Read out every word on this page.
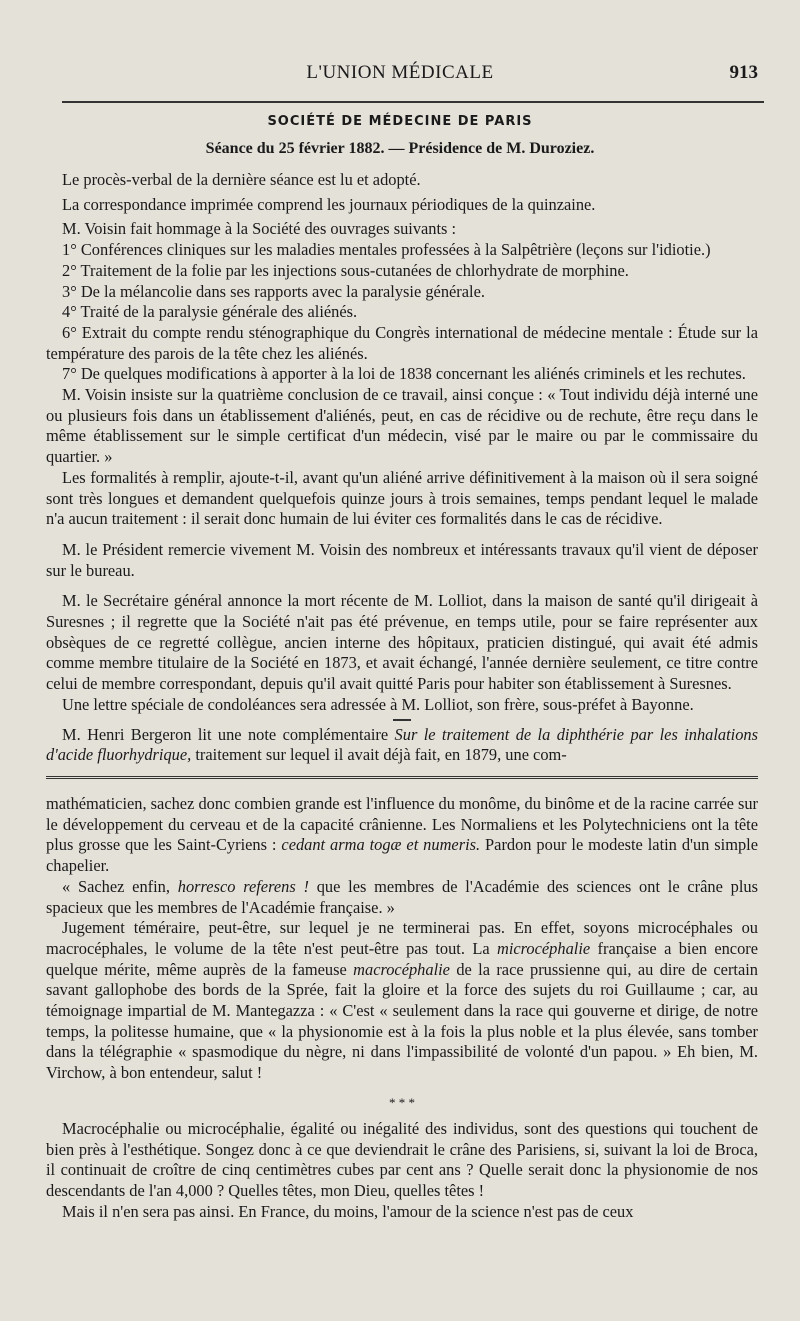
L'UNION MÉDICALE	913
SOCIÉTÉ DE MÉDECINE DE PARIS
Séance du 25 février 1882. — Présidence de M. Duroziez.

Le procès-verbal de la dernière séance est lu et adopté.

La correspondance imprimée comprend les journaux périodiques de la quinzaine.

M. Voisin fait hommage à la Société des ouvrages suivants :

1° Conférences cliniques sur les maladies mentales professées à la Salpêtrière (leçons sur l'idiotie.)

2° Traitement de la folie par les injections sous-cutanées de chlorhydrate de morphine.

3° De la mélancolie dans ses rapports avec la paralysie générale.

4° Traité de la paralysie générale des aliénés.

6° Extrait du compte rendu sténographique du Congrès international de médecine mentale : Étude sur la température des parois de la tête chez les aliénés.

7° De quelques modifications à apporter à la loi de 1838 concernant les aliénés criminels et les rechutes.

M. Voisin insiste sur la quatrième conclusion de ce travail, ainsi conçue : « Tout individu déjà interné une ou plusieurs fois dans un établissement d'aliénés, peut, en cas de récidive ou de rechute, être reçu dans le même établissement sur le simple certificat d'un médecin, visé par le maire ou par le commissaire du quartier. »

Les formalités à remplir, ajoute-t-il, avant qu'un aliéné arrive définitivement à la maison où il sera soigné sont très longues et demandent quelquefois quinze jours à trois semaines, temps pendant lequel le malade n'a aucun traitement : il serait donc humain de lui éviter ces formalités dans le cas de récidive.

M. le Président remercie vivement M. Voisin des nombreux et intéressants travaux qu'il vient de déposer sur le bureau.

M. le Secrétaire général annonce la mort récente de M. Lolliot, dans la maison de santé qu'il dirigeait à Suresnes ; il regrette que la Société n'ait pas été prévenue, en temps utile, pour se faire représenter aux obsèques de ce regretté collègue, ancien interne des hôpitaux, praticien distingué, qui avait été admis comme membre titulaire de la Société en 1873, et avait échangé, l'année dernière seulement, ce titre contre celui de membre correspondant, depuis qu'il avait quitté Paris pour habiter son établissement à Suresnes.

Une lettre spéciale de condoléances sera adressée à M. Lolliot, son frère, sous-préfet à Bayonne.

M. Henri Bergeron lit une note complémentaire Sur le traitement de la diphthérie par les inhalations d'acide fluorhydrique, traitement sur lequel il avait déjà fait, en 1879, une com-

mathématicien, sachez donc combien grande est l'influence du monôme, du binôme et de la racine carrée sur le développement du cerveau et de la capacité crânienne. Les Normaliens et les Polytechniciens ont la tête plus grosse que les Saint-Cyriens : cedant arma togæ et numeris. Pardon pour le modeste latin d'un simple chapelier.

« Sachez enfin, horresco referens ! que les membres de l'Académie des sciences ont le crâne plus spacieux que les membres de l'Académie française. »

Jugement téméraire, peut-être, sur lequel je ne terminerai pas. En effet, soyons microcéphales ou macrocéphales, le volume de la tête n'est peut-être pas tout. La microcéphalie française a bien encore quelque mérite, même auprès de la fameuse macrocéphalie de la race prussienne qui, au dire de certain savant gallophobe des bords de la Sprée, fait la gloire et la force des sujets du roi Guillaume ; car, au témoignage impartial de M. Mantegazza : « C'est « seulement dans la race qui gouverne et dirige, de notre temps, la politesse humaine, que « la physionomie est à la fois la plus noble et la plus élevée, sans tomber dans la télégraphie « spasmodique du nègre, ni dans l'impassibilité de volonté d'un papou. » Eh bien, M. Virchow, à bon entendeur, salut !

* * *

Macrocéphalie ou microcéphalie, égalité ou inégalité des individus, sont des questions qui touchent de bien près à l'esthétique. Songez donc à ce que deviendrait le crâne des Parisiens, si, suivant la loi de Broca, il continuait de croître de cinq centimètres cubes par cent ans ? Quelle serait donc la physionomie de nos descendants de l'an 4,000 ? Quelles têtes, mon Dieu, quelles têtes !

Mais il n'en sera pas ainsi. En France, du moins, l'amour de la science n'est pas de ceux
